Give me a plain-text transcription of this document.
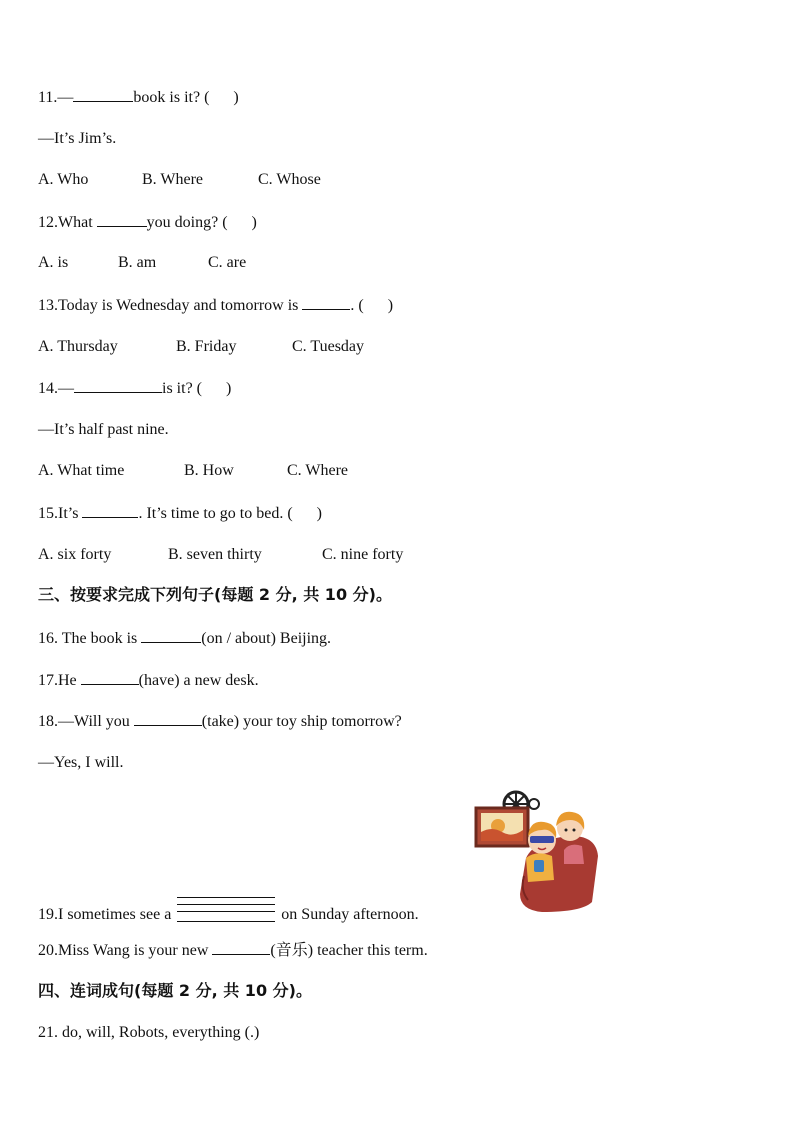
11.—	book is it? ( )
—It’s Jim’s.
A. Who	B. Where	C. Whose
12.What	you doing? ( )
A. is	B. am	C. are
13.Today is Wednesday and tomorrow is	. ( )
A. Thursday	B. Friday	C. Tuesday
14.—	is it? ( )
—It’s half past nine.
A. What time	B. How	C. Where
15.It’s	. It’s time to go to bed. ( )
A. six forty	B. seven thirty	C. nine forty
三、按要求完成下列句子(每题 2 分, 共 10 分)。
16. The book is	(on / about) Beijing.
17.He	(have) a new desk.
18.—Will you	(take) your toy ship tomorrow?
—Yes, I will.
19.I sometimes see a	on Sunday afternoon.
20.Miss Wang is your new	(音乐) teacher this term.
四、连词成句(每题 2 分, 共 10 分)。
21. do, will, Robots, everything (.)
